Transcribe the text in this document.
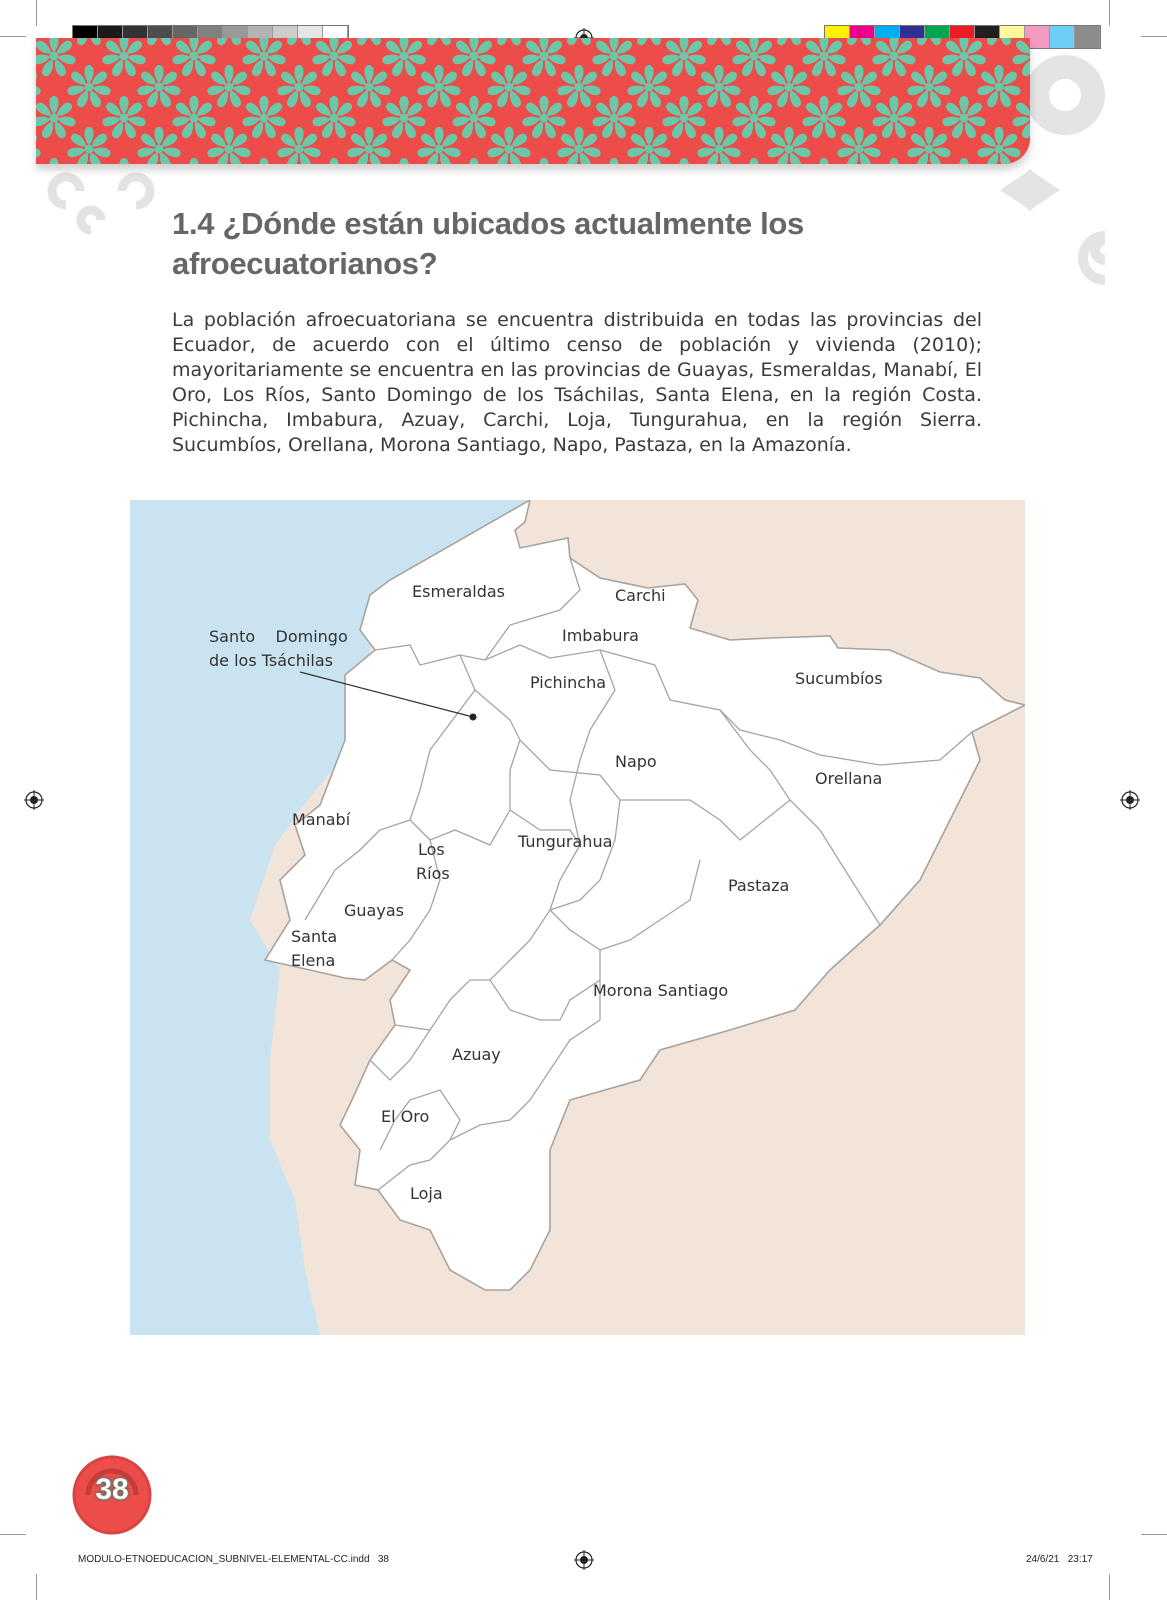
1.4 ¿Dónde están ubicados actualmente los afroecuatorianos?

La población afroecuatoriana se encuentra distribuida en todas las provincias del Ecuador, de acuerdo con el último censo de población y vivienda (2010); mayoritariamente se encuentra en las provincias de Guayas, Esmeraldas, Manabí, El Oro, Los Ríos, Santo Domingo de los Tsáchilas, Santa Elena, en la región Costa. Pichincha, Imbabura, Azuay, Carchi, Loja, Tungurahua, en la región Sierra. Sucumbíos, Orellana, Morona Santiago, Napo, Pastaza, en la Amazonía.

Esmeraldas	Carchi
Imbabura
Santo    Domingo
de los Tsáchilas
Pichincha	Sucumbíos
Napo
Orellana
Manabí
Los
Ríos
Tungurahua
Pastaza
Guayas
Santa
Elena
Morona Santiago
Azuay
El Oro
Loja
38
MODULO-ETNOEDUCACION_SUBNIVEL-ELEMENTAL-CC.indd   38	24/6/21   23:17
